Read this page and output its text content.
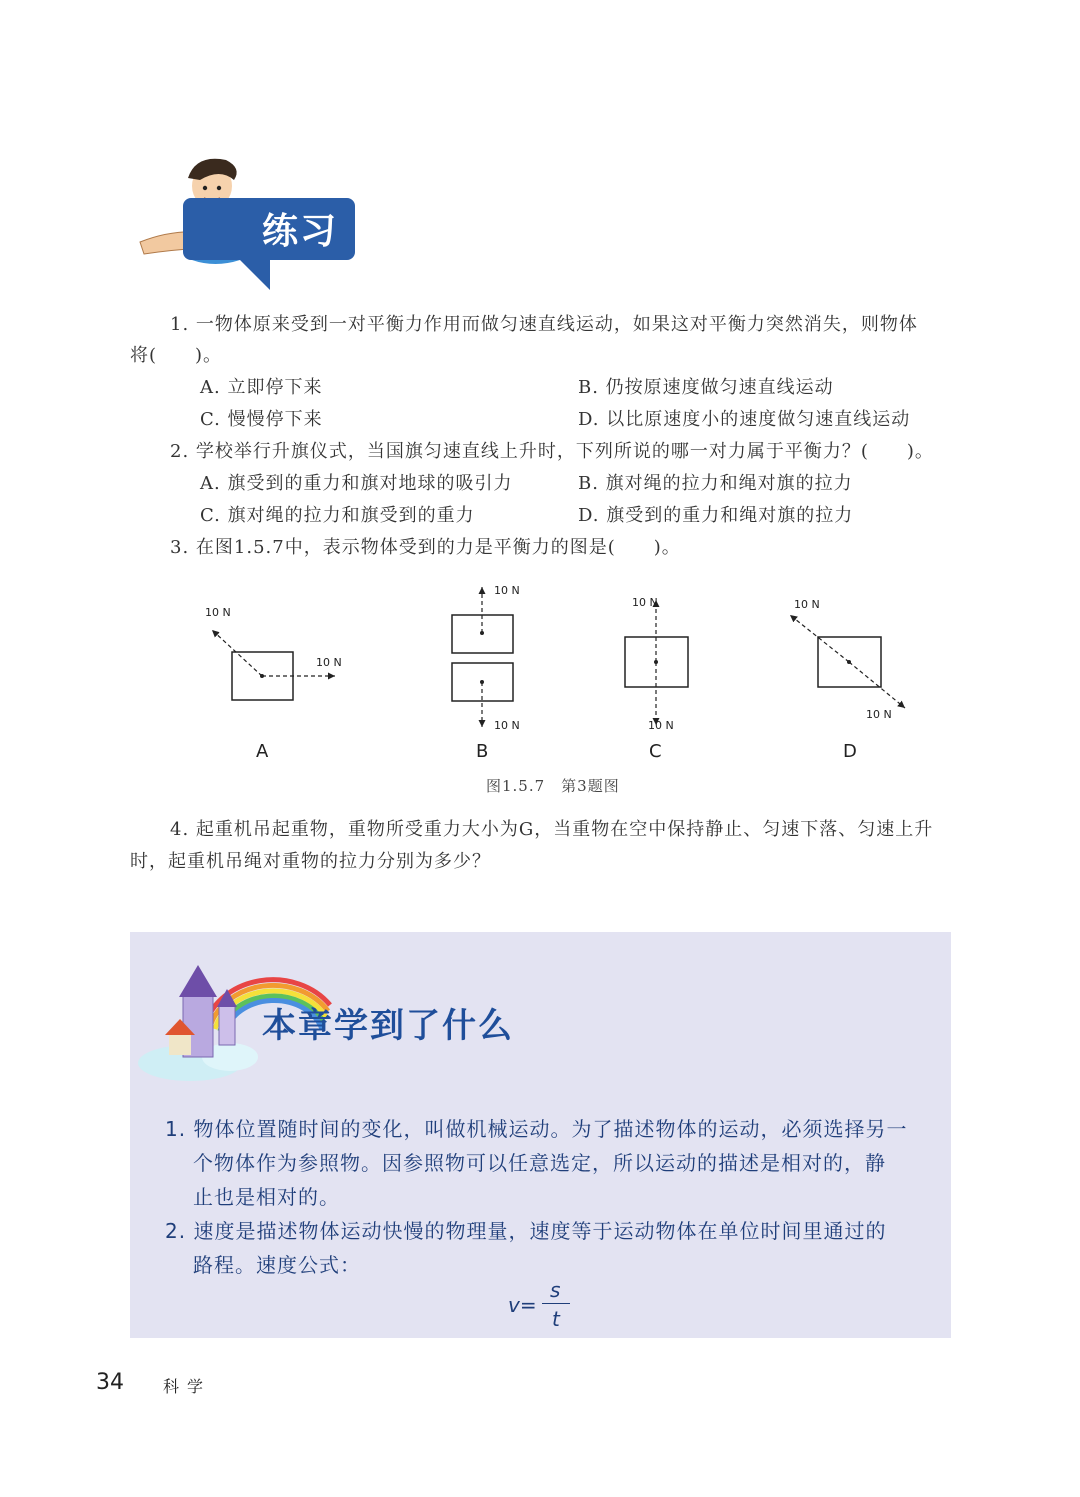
练习
1. 一物体原来受到一对平衡力作用而做匀速直线运动，如果这对平衡力突然消失，则物体
将(　　)。
A. 立即停下来	B. 仍按原速度做匀速直线运动
C. 慢慢停下来	D. 以比原速度小的速度做匀速直线运动
2. 学校举行升旗仪式，当国旗匀速直线上升时，下列所说的哪一对力属于平衡力？(　　)。
A. 旗受到的重力和旗对地球的吸引力	B. 旗对绳的拉力和绳对旗的拉力
C. 旗对绳的拉力和旗受到的重力	D. 旗受到的重力和绳对旗的拉力
3. 在图1.5.7中，表示物体受到的力是平衡力的图是(　　)。
10 N
10 N
10 N
10 N
10 N
10 N
10 N
10 N
A	B	C	D
图1.5.7　第3题图
4. 起重机吊起重物，重物所受重力大小为G，当重物在空中保持静止、匀速下落、匀速上升
时，起重机吊绳对重物的拉力分别为多少？
本章学到了什么
1. 物体位置随时间的变化，叫做机械运动。为了描述物体的运动，必须选择另一
个物体作为参照物。因参照物可以任意选定，所以运动的描述是相对的，静
止也是相对的。
2. 速度是描述物体运动快慢的物理量，速度等于运动物体在单位时间里通过的
路程。速度公式：
v=
s
t
34 科学
